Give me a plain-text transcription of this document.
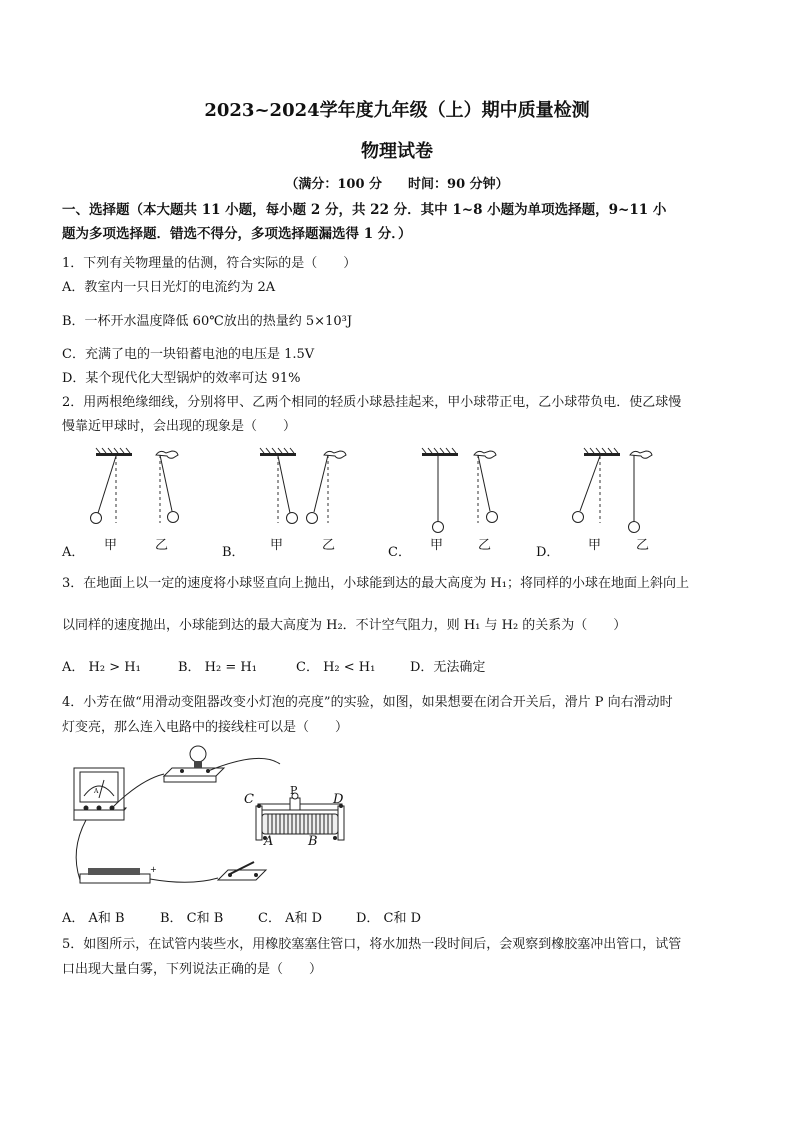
2023~2024学年度九年级（上）期中质量检测
物理试卷
（满分：100 分　　时间：90 分钟）
一、选择题（本大题共 11 小题，每小题 2 分，共 22 分．其中 1~8 小题为单项选择题，9~11 小
题为多项选择题．错选不得分，多项选择题漏选得 1 分．）
1．下列有关物理量的估测，符合实际的是（　　）
A．教室内一只日光灯的电流约为 2A
B．一杯开水温度降低 60℃放出的热量约 5×10³J
C．充满了电的一块铅蓄电池的电压是 1.5V
D．某个现代化大型锅炉的效率可达 91%
2．用两根绝缘细线，分别将甲、乙两个相同的轻质小球悬挂起来，甲小球带正电，乙小球带负电．使乙球慢
慢靠近甲球时，会出现的现象是（　　）
A． 甲	乙	B． 甲	乙	C． 甲	乙	D． 甲	乙
3．在地面上以一定的速度将小球竖直向上抛出，小球能到达的最大高度为 H₁；将同样的小球在地面上斜向上
以同样的速度抛出，小球能到达的最大高度为 H₂．不计空气阻力，则 H₁ 与 H₂ 的关系为（　　）
A． H₂ > H₁	B． H₂ = H₁	C． H₂ < H₁	D．无法确定
4．小芳在做“用滑动变阻器改变小灯泡的亮度”的实验，如图，如果想要在闭合开关后，滑片 P 向右滑动时
灯变亮，那么连入电路中的接线柱可以是（　　）
A
+
C	D
P
A	B
A． A和 B	B． C和 B	C． A和 D	D． C和 D
5．如图所示，在试管内装些水，用橡胶塞塞住管口，将水加热一段时间后，会观察到橡胶塞冲出管口，试管
口出现大量白雾，下列说法正确的是（　　）
